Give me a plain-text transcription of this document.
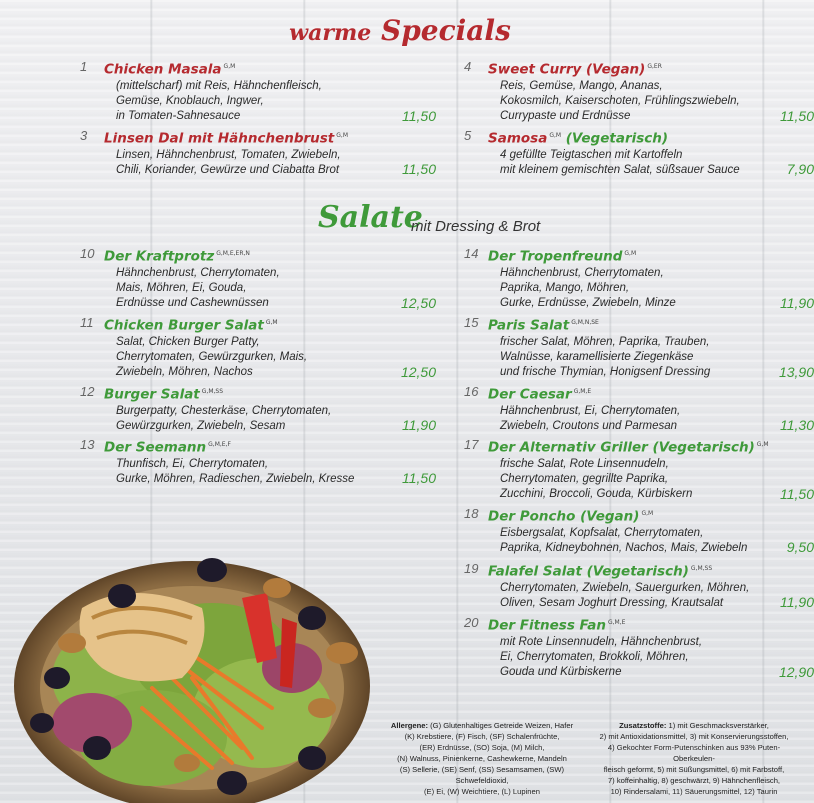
warme Specials
1 Chicken Masala $^{G,M}$
(mittelscharf) mit Reis, Hähnchenfleisch,
Gemüse, Knoblauch, Ingwer,
in Tomaten-Sahnesauce	11,50
3 Linsen Dal mit Hähnchenbrust $^{G,M}$
Linsen, Hähnchenbrust, Tomaten, Zwiebeln,
Chili, Koriander, Gewürze und Ciabatta Brot	11,50
4 Sweet Curry (Vegan) $^{G,ER}$
Reis, Gemüse, Mango, Ananas,
Kokosmilch, Kaiserschoten, Frühlingszwiebeln,
Currypaste und Erdnüsse	11,50
5 Samosa $^{G,M}$ (Vegetarisch)
4 gefüllte Teigtaschen mit Kartoffeln
mit kleinem gemischten Salat, süßsauer Sauce	7,90
Salate
mit Dressing & Brot
10 Der Kraftprotz $^{G,M,E,ER,N}$
Hähnchenbrust, Cherrytomaten,
Mais, Möhren, Ei, Gouda,
Erdnüsse und Cashewnüssen	12,50
11 Chicken Burger Salat $^{G,M}$
Salat, Chicken Burger Patty,
Cherrytomaten, Gewürzgurken, Mais,
Zwiebeln, Möhren, Nachos	12,50
12 Burger Salat $^{G,M,SS}$
Burgerpatty, Chesterkäse, Cherrytomaten,
Gewürzgurken, Zwiebeln, Sesam	11,90
13 Der Seemann $^{G,M,E,F}$
Thunfisch, Ei, Cherrytomaten,
Gurke, Möhren, Radieschen, Zwiebeln, Kresse	11,50
14 Der Tropenfreund $^{G,M}$
Hähnchenbrust, Cherrytomaten,
Paprika, Mango, Möhren,
Gurke, Erdnüsse, Zwiebeln, Minze	11,90
15 Paris Salat $^{G,M,N,SE}$
frischer Salat, Möhren, Paprika, Trauben,
Walnüsse, karamellisierte Ziegenkäse
und frische Thymian, Honigsenf Dressing	13,90
16 Der Caesar $^{G,M,E}$
Hähnchenbrust, Ei, Cherrytomaten,
Zwiebeln, Croutons und Parmesan	11,30
17 Der Alternativ Griller (Vegetarisch) $^{G,M}$
frische Salat, Rote Linsennudeln,
Cherrytomaten, gegrillte Paprika,
Zucchini, Broccoli, Gouda, Kürbiskern	11,50
18 Der Poncho (Vegan) $^{G,M}$
Eisbergsalat, Kopfsalat, Cherrytomaten,
Paprika, Kidneybohnen, Nachos, Mais, Zwiebeln	9,50
19 Falafel Salat (Vegetarisch) $^{G,M,SS}$
Cherrytomaten, Zwiebeln, Sauergurken, Möhren,
Oliven, Sesam Joghurt Dressing, Krautsalat	11,90
20 Der Fitness Fan $^{G,M,E}$
mit Rote Linsennudeln, Hähnchenbrust,
Ei, Cherrytomaten, Brokkoli, Möhren,
Gouda und Kürbiskerne	12,90
Allergene: (G) Glutenhaltiges Getreide Weizen, Hafer
(K) Krebstiere, (F) Fisch, (SF) Schalenfrüchte,
(ER) Erdnüsse, (SO) Soja, (M) Milch,
(N) Walnuss, Pinienkerne, Cashewkerne, Mandeln
(S) Sellerie, (SE) Senf, (SS) Sesamsamen, (SW) Schwefeldioxid,
(E) Ei, (W) Weichtiere, (L) Lupinen
Zusatzstoffe: 1) mit Geschmacksverstärker,
2) mit Antioxidationsmittel, 3) mit Konservierungsstoffen,
4) Gekochter Form-Putenschinken aus 93% Puten-Oberkeulen-
fleisch geformt, 5) mit Süßungsmittel, 6) mit Farbstoff,
7) koffeinhaltig, 8) geschwärzt, 9) Hähnchenfleisch,
10) Rindersalami, 11) Säuerungsmittel, 12) Taurin
